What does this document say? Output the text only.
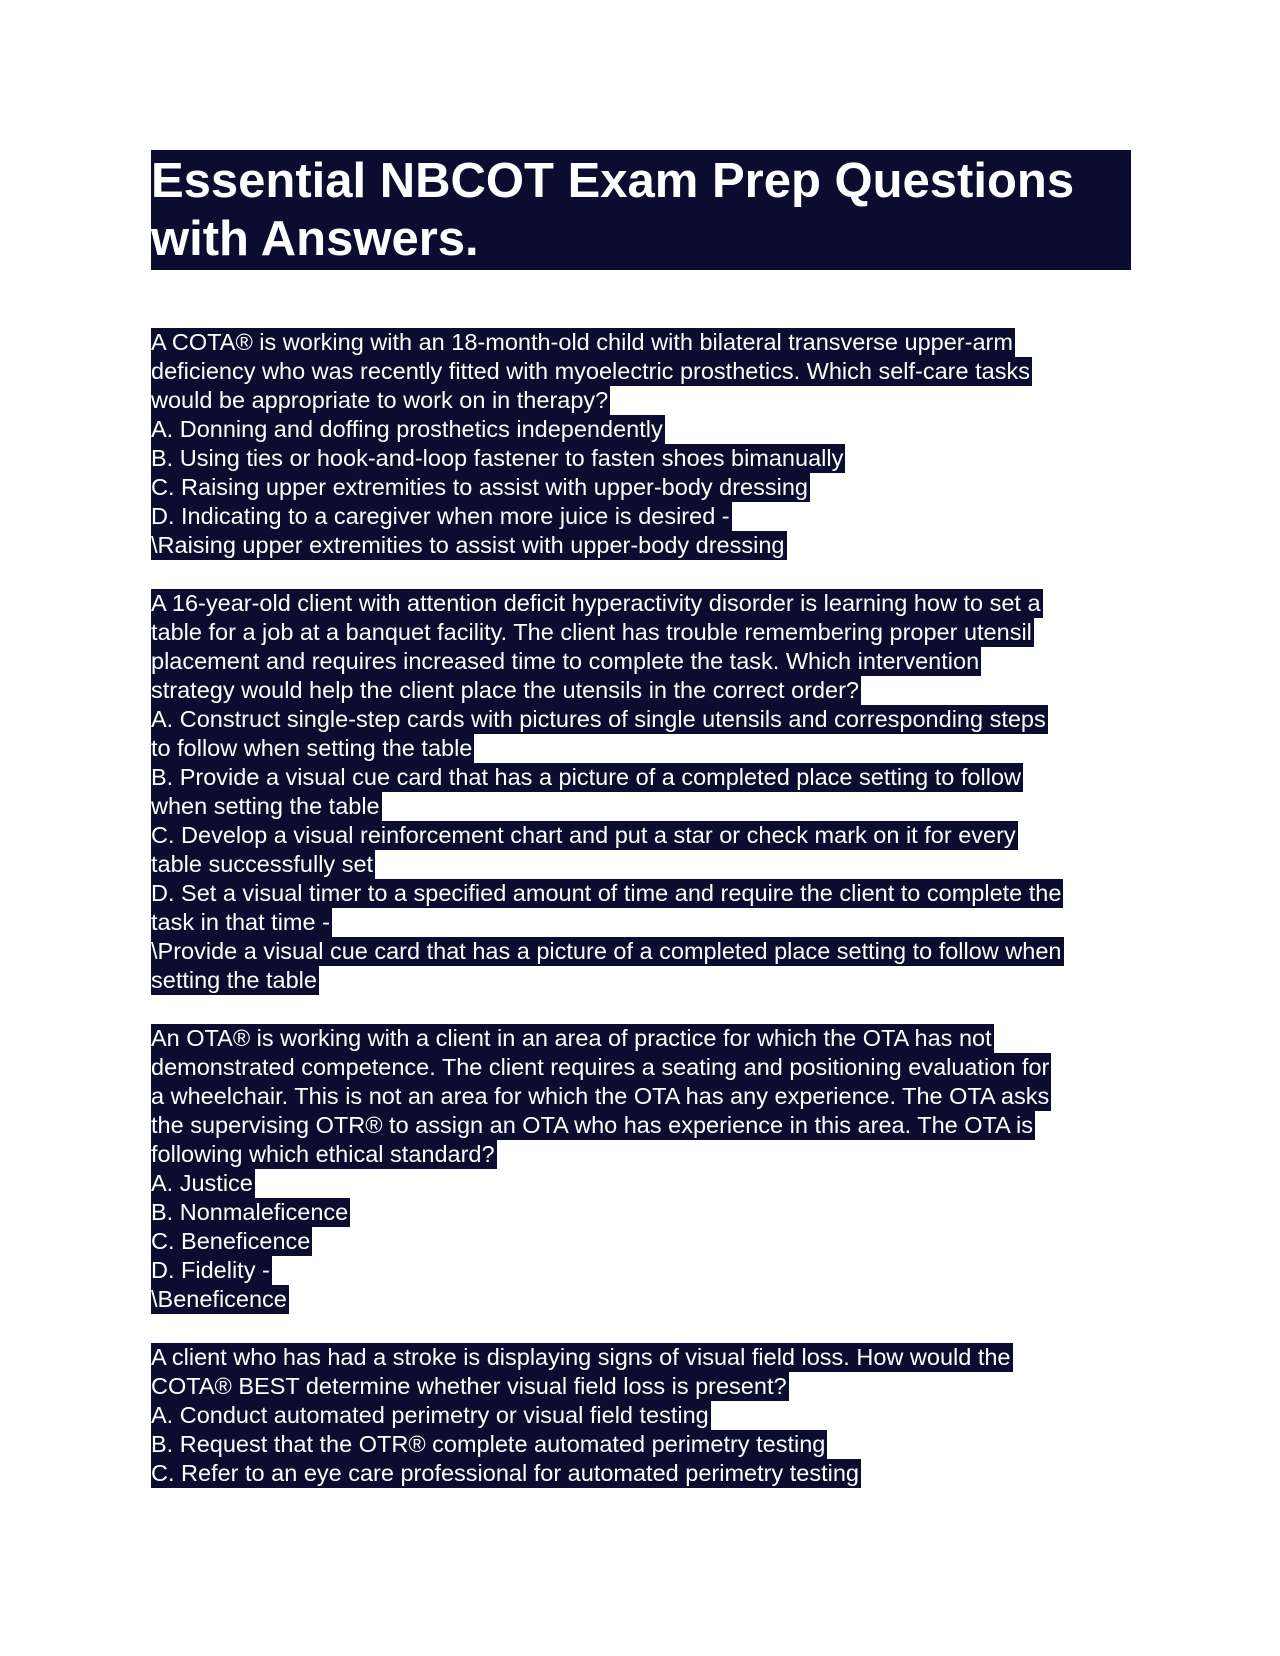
Essential NBCOT Exam Prep Questions
with Answers.
A COTA® is working with an 18-month-old child with bilateral transverse upper-arm
deficiency who was recently fitted with myoelectric prosthetics. Which self-care tasks
would be appropriate to work on in therapy?
A. Donning and doffing prosthetics independently
B. Using ties or hook-and-loop fastener to fasten shoes bimanually
C. Raising upper extremities to assist with upper-body dressing
D. Indicating to a caregiver when more juice is desired -
\Raising upper extremities to assist with upper-body dressing
A 16-year-old client with attention deficit hyperactivity disorder is learning how to set a
table for a job at a banquet facility. The client has trouble remembering proper utensil
placement and requires increased time to complete the task. Which intervention
strategy would help the client place the utensils in the correct order?
A. Construct single-step cards with pictures of single utensils and corresponding steps
to follow when setting the table
B. Provide a visual cue card that has a picture of a completed place setting to follow
when setting the table
C. Develop a visual reinforcement chart and put a star or check mark on it for every
table successfully set
D. Set a visual timer to a specified amount of time and require the client to complete the
task in that time -
\Provide a visual cue card that has a picture of a completed place setting to follow when
setting the table
An OTA® is working with a client in an area of practice for which the OTA has not
demonstrated competence. The client requires a seating and positioning evaluation for
a wheelchair. This is not an area for which the OTA has any experience. The OTA asks
the supervising OTR® to assign an OTA who has experience in this area. The OTA is
following which ethical standard?
A. Justice
B. Nonmaleficence
C. Beneficence
D. Fidelity -
\Beneficence
A client who has had a stroke is displaying signs of visual field loss. How would the
COTA® BEST determine whether visual field loss is present?
A. Conduct automated perimetry or visual field testing
B. Request that the OTR® complete automated perimetry testing
C. Refer to an eye care professional for automated perimetry testing
